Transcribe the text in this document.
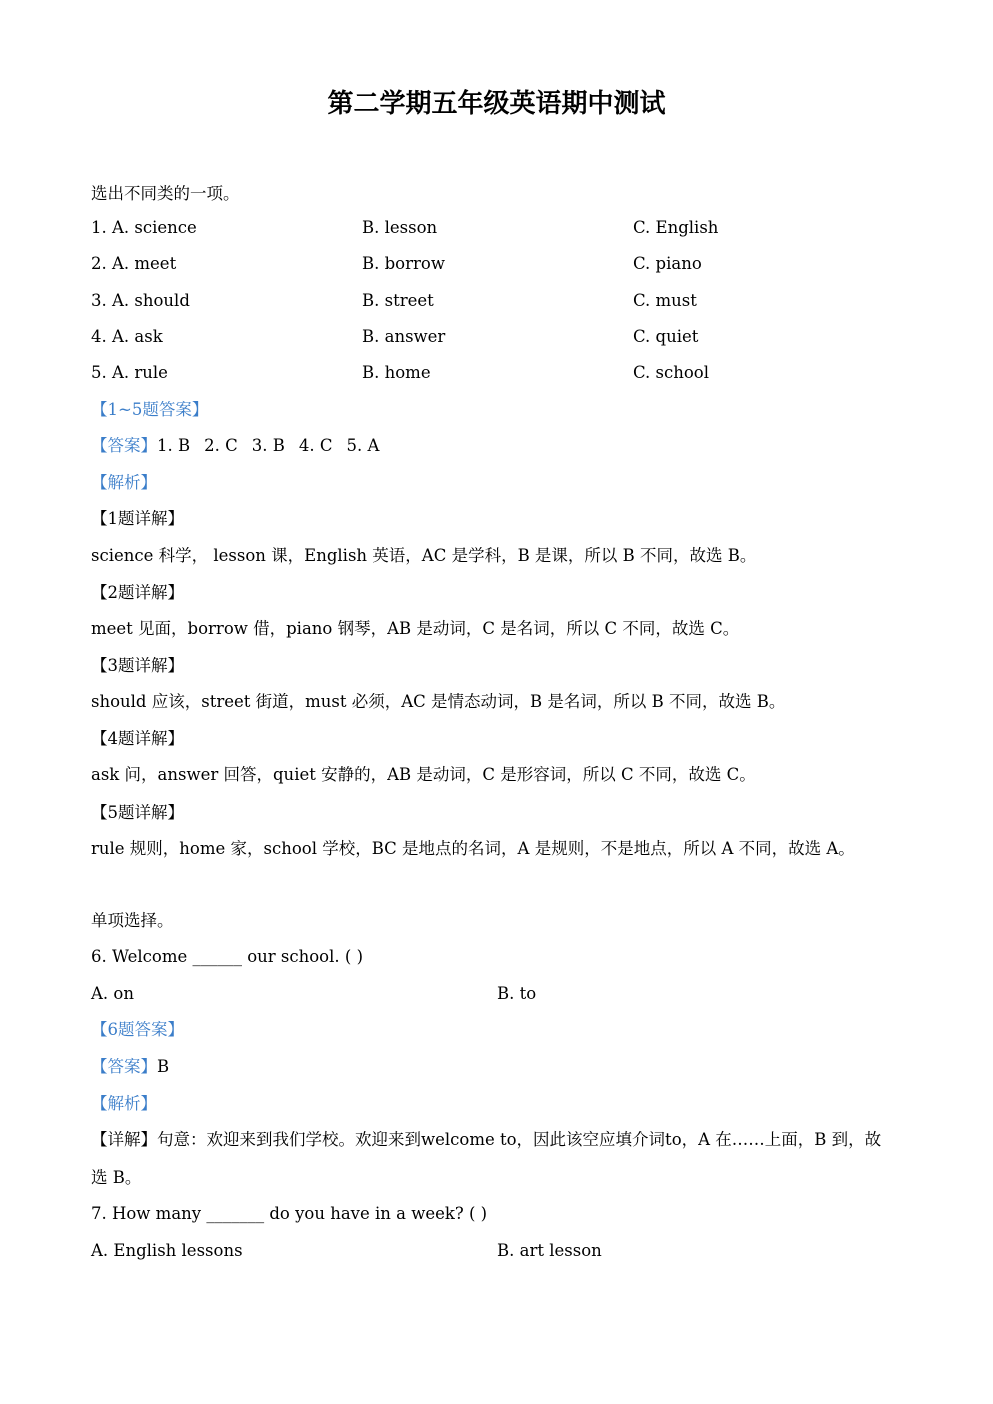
第二学期五年级英语期中测试
选出不同类的一项。
1. A. science	B. lesson	C. English
2. A. meet	B. borrow	C. piano
3. A. should	B. street	C. must
4. A. ask	B. answer	C. quiet
5. A. rule	B. home	C. school
【1~5题答案】
【答案】1. B 2. C 3. B 4. C 5. A
【解析】
【1题详解】
science 科学， lesson 课，English 英语，AC 是学科，B 是课，所以 B 不同，故选 B。
【2题详解】
meet 见面，borrow 借，piano 钢琴，AB 是动词，C 是名词，所以 C 不同，故选 C。
【3题详解】
should 应该，street 街道，must 必须，AC 是情态动词，B 是名词，所以 B 不同，故选 B。
【4题详解】
ask 问，answer 回答，quiet 安静的，AB 是动词，C 是形容词，所以 C 不同，故选 C。
【5题详解】
rule 规则，home 家，school 学校，BC 是地点的名词，A 是规则，不是地点，所以 A 不同，故选 A。
单项选择。
6. Welcome ______ our school. ( )
A. on	B. to
【6题答案】
【答案】B
【解析】
【详解】句意：欢迎来到我们学校。欢迎来到welcome to，因此该空应填介词to，A 在……上面，B 到，故
选 B。
7. How many _______ do you have in a week? ( )
A. English lessons	B. art lesson
